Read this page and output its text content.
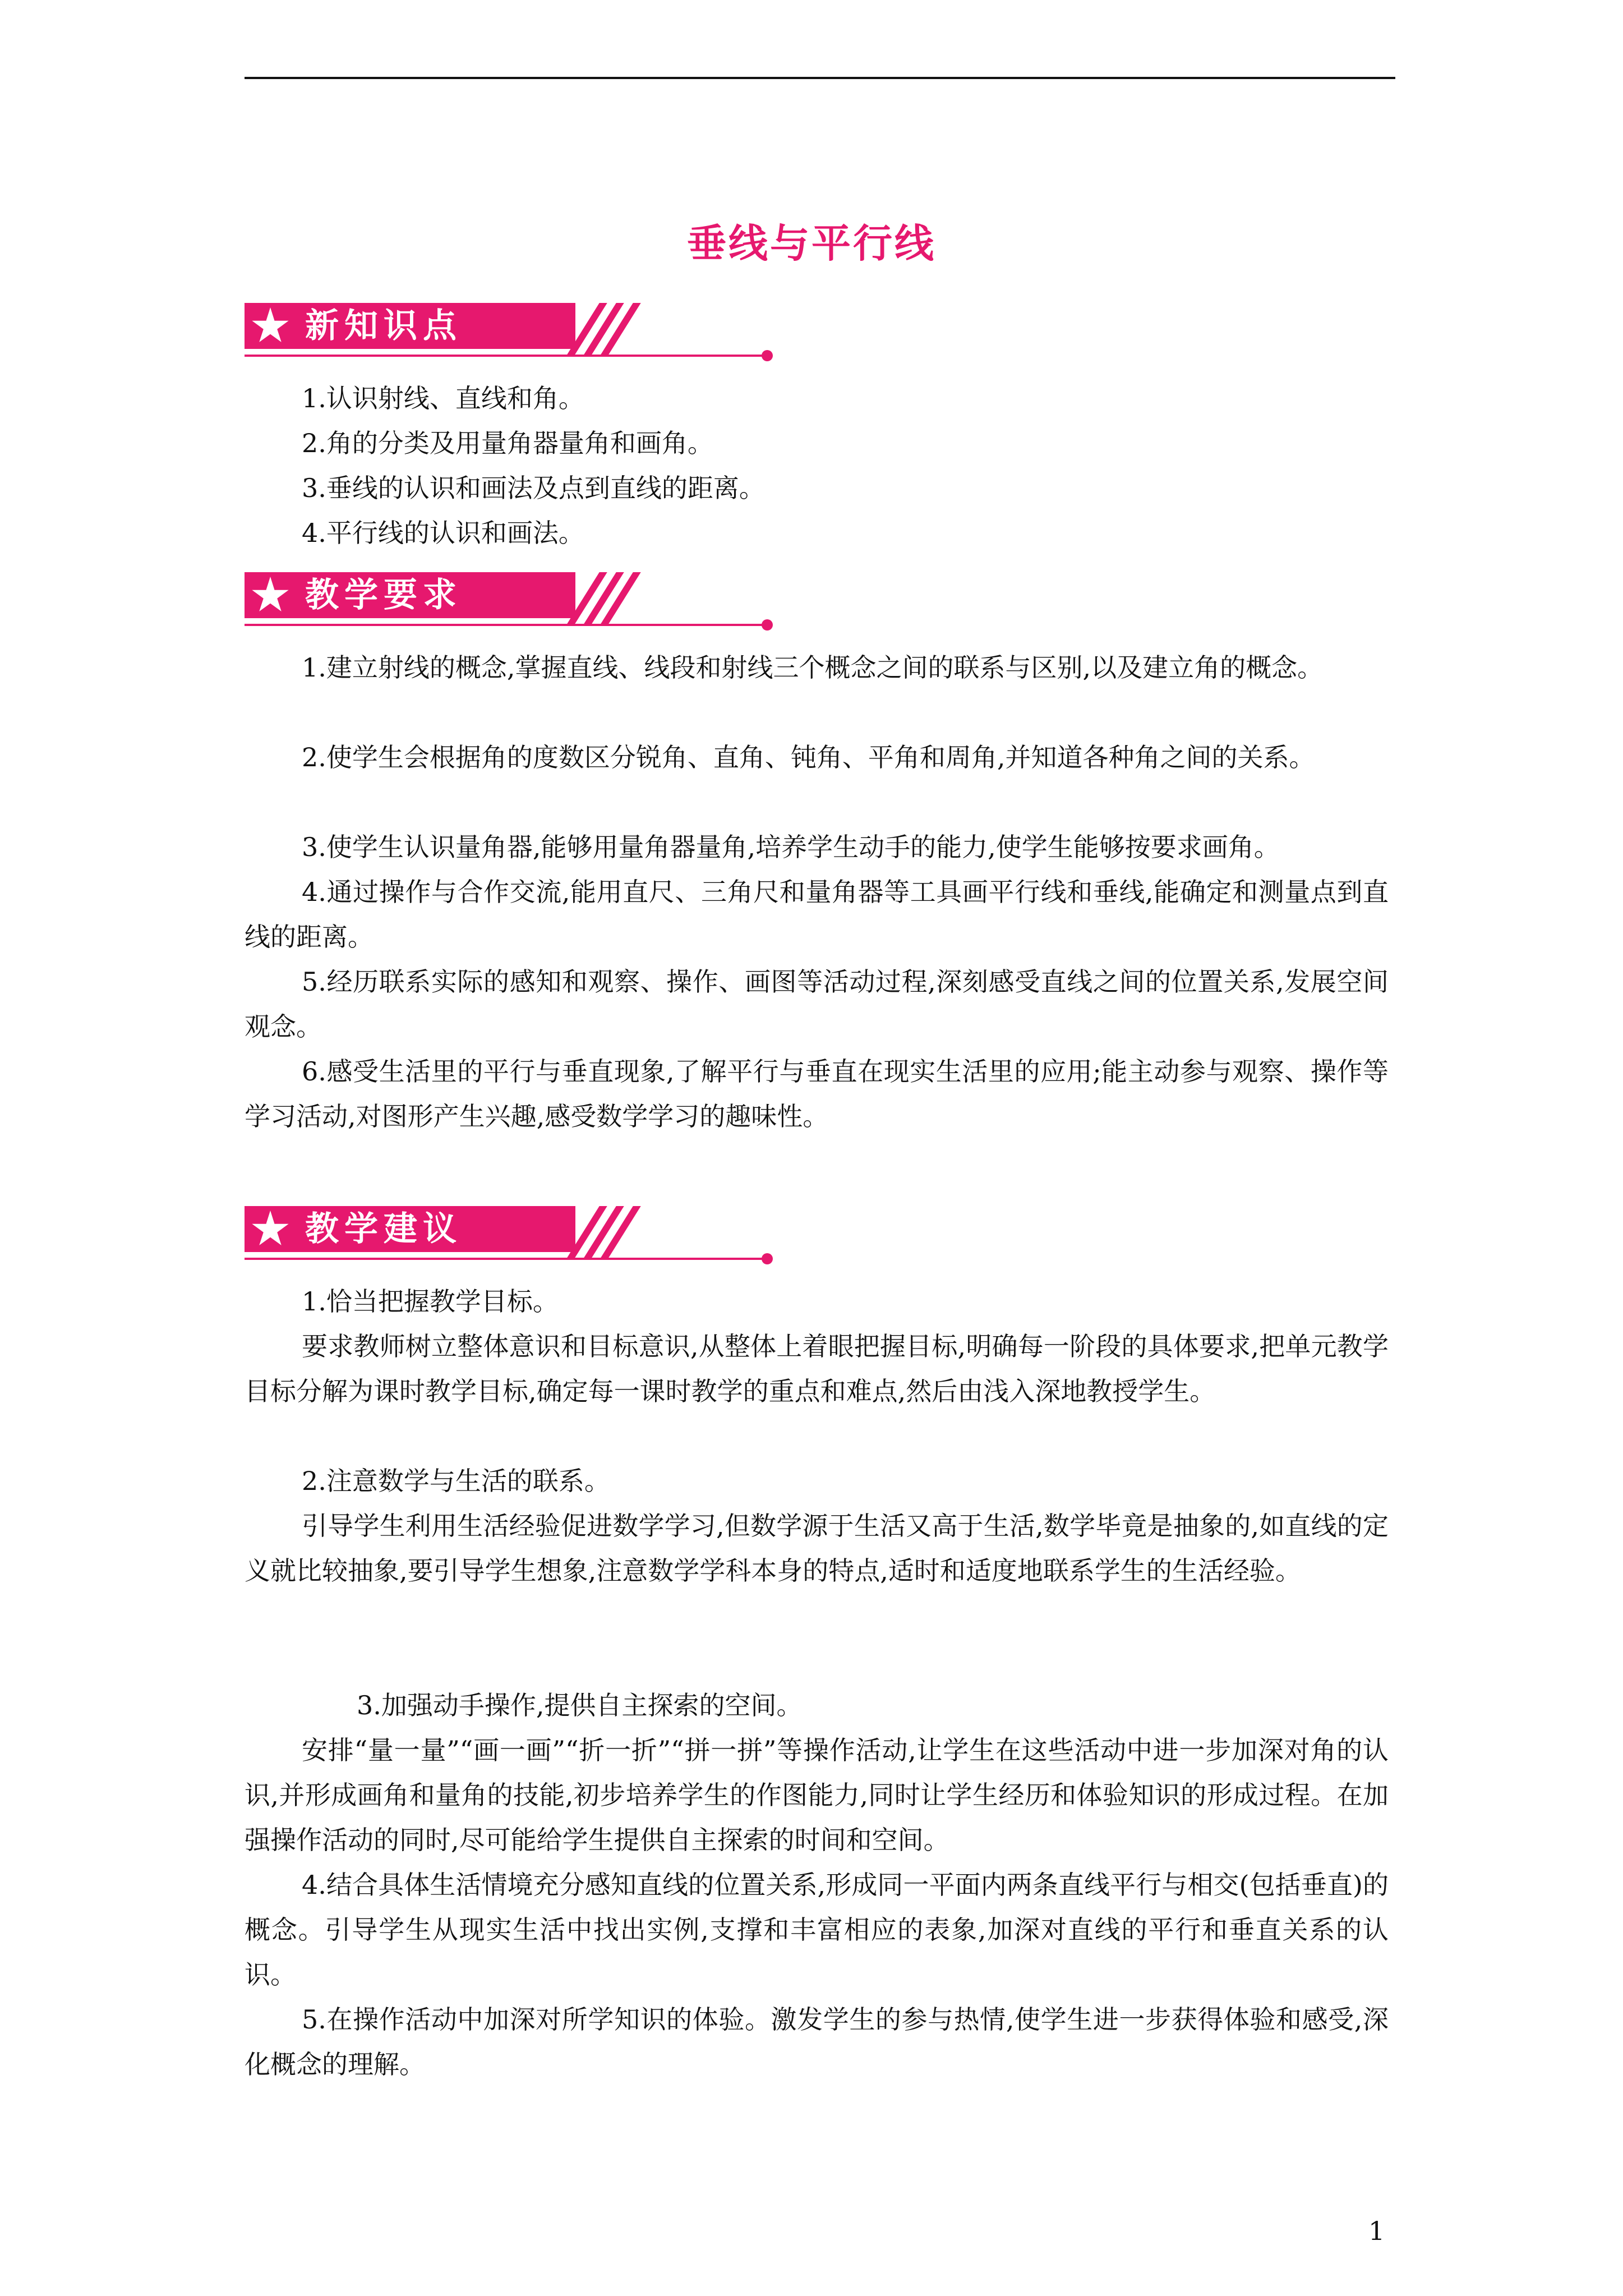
垂线与平行线
新知识点
1.认识射线、直线和角。
2.角的分类及用量角器量角和画角。
3.垂线的认识和画法及点到直线的距离。
4.平行线的认识和画法。
教学要求
1.建立射线的概念,掌握直线、线段和射线三个概念之间的联系与区别,以及建立角的概念。
2.使学生会根据角的度数区分锐角、直角、钝角、平角和周角,并知道各种角之间的关系。
3.使学生认识量角器,能够用量角器量角,培养学生动手的能力,使学生能够按要求画角。
4.通过操作与合作交流,能用直尺、三角尺和量角器等工具画平行线和垂线,能确定和测量点到直线的距离。
5.经历联系实际的感知和观察、操作、画图等活动过程,深刻感受直线之间的位置关系,发展空间观念。
6.感受生活里的平行与垂直现象,了解平行与垂直在现实生活里的应用;能主动参与观察、操作等学习活动,对图形产生兴趣,感受数学学习的趣味性。
教学建议
1.恰当把握教学目标。
要求教师树立整体意识和目标意识,从整体上着眼把握目标,明确每一阶段的具体要求,把单元教学目标分解为课时教学目标,确定每一课时教学的重点和难点,然后由浅入深地教授学生。
2.注意数学与生活的联系。
引导学生利用生活经验促进数学学习,但数学源于生活又高于生活,数学毕竟是抽象的,如直线的定义就比较抽象,要引导学生想象,注意数学学科本身的特点,适时和适度地联系学生的生活经验。
3.加强动手操作,提供自主探索的空间。
安排“量一量”“画一画”“折一折”“拼一拼”等操作活动,让学生在这些活动中进一步加深对角的认识,并形成画角和量角的技能,初步培养学生的作图能力,同时让学生经历和体验知识的形成过程。在加强操作活动的同时,尽可能给学生提供自主探索的时间和空间。
4.结合具体生活情境充分感知直线的位置关系,形成同一平面内两条直线平行与相交(包括垂直)的概念。引导学生从现实生活中找出实例,支撑和丰富相应的表象,加深对直线的平行和垂直关系的认识。
5.在操作活动中加深对所学知识的体验。激发学生的参与热情,使学生进一步获得体验和感受,深化概念的理解。
1
